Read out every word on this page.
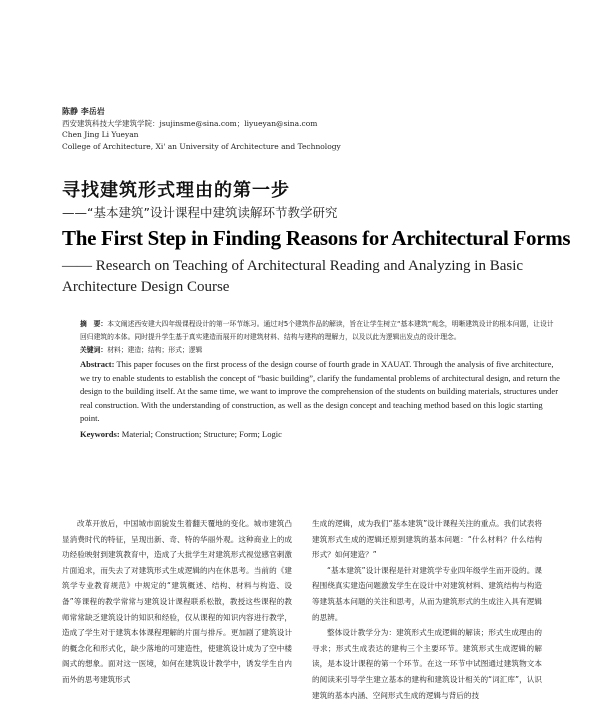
陈静 李岳岩
西安建筑科技大学建筑学院：jsujinsme@sina.com；liyueyan@sina.com
Chen Jing Li Yueyan
College of Architecture, Xi' an University of Architecture and Technology
寻找建筑形式理由的第一步
——“基本建筑”设计课程中建筑读解环节教学研究
The First Step in Finding Reasons for Architectural Forms
—— Research on Teaching of Architectural Reading and Analyzing in Basic Architecture Design Course

摘　要：本文阐述西安建大四年级课程设计的第一环节练习。通过对5个建筑作品的解读，旨在让学生树立“基本建筑”观念，明晰建筑设计的根本问题，让设计回归建筑的本体。同时提升学生基于真实建造而展开的对建筑材料、结构与建构的理解力，以及以此为逻辑出发点的设计理念。

关键词：材料；建造；结构；形式；逻辑

Abstract: This paper focuses on the first process of the design course of fourth grade in XAUAT. Through the analysis of five architecture, we try to enable students to establish the concept of “basic building”, clarify the fundamental problems of architectural design, and return the design to the building itself. At the same time, we want to improve the comprehension of the students on building materials, structures under real construction. With the understanding of construction, as well as the design concept and teaching method based on this logic starting point.

Keywords: Material; Construction; Structure; Form; Logic

改革开放后，中国城市面貌发生着翻天覆地的变化。城市建筑凸显消费时代的特征，呈现出新、奇、特的华丽外观。这种商业上的成功经验映射到建筑教育中，造成了大批学生对建筑形式视觉感官刺激片面追求，而失去了对建筑形式生成逻辑的内在休思考。当前的《建筑学专业教育规范》中规定的“建筑概述、结构、材料与构造、设备”等课程的教学常常与建筑设计课程联系松散，教授这些课程的教师常常缺乏建筑设计的知识和经验，仅从课程的知识内容进行教学，造成了学生对于建筑本体课程理解的片面与排斥。更加剧了建筑设计的概念化和形式化，缺少落地的可建造性，使建筑设计成为了空中楼阁式的想象。面对这一医境，如何在建筑设计教学中，诱发学生自内而外的思考建筑形式

生成的逻辑，成为我们“基本建筑”设计课程关注的重点。我们试表将建筑形式生成的逻辑还原到建筑的基本问题：“什么材料？什么结构形式？如何建造？”

“基本建筑”设计课程是针对建筑学专业四年级学生而开设的。课程围绕真实建造问题激发学生在设计中对建筑材料、建筑结构与构造等建筑基本问题的关注和思考，从而为建筑形式的生成注入具有逻辑的思辨。

整体设计教学分为：建筑形式生成逻辑的解读；形式生成理由的寻求；形式生成表达的建构三个主要环节。建筑形式生成逻辑的解读，是本设计课程的第一个环节。在这一环节中试图通过建筑物文本的阅读来引导学生建立基本的建构和建筑设计相关的“词汇库”，认识建筑的基本内涵、空间形式生成的逻辑与背后的技
